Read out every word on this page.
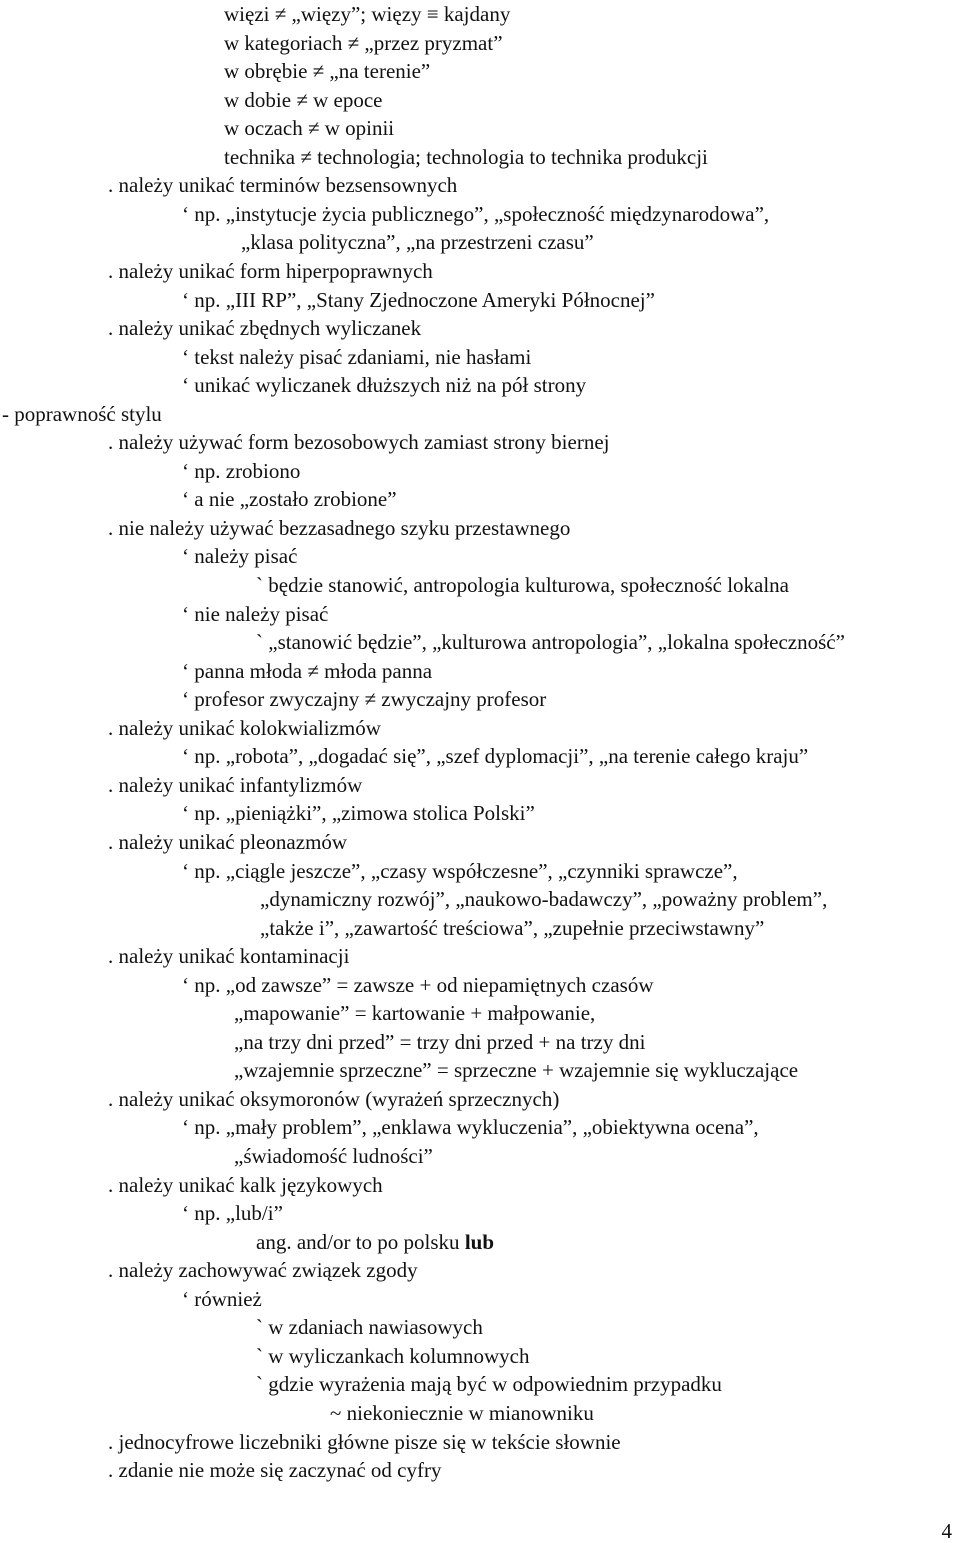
4
więzi ≠ „więzy”; więzy ≡ kajdany
w kategoriach ≠ „przez pryzmat”
w obrębie ≠ „na terenie”
w dobie ≠ w epoce
w oczach ≠ w opinii
technika ≠ technologia; technologia to technika produkcji
. należy unikać terminów bezsensownych
‘ np. „instytucje życia publicznego”, „społeczność międzynarodowa”,
„klasa polityczna”, „na przestrzeni czasu”
. należy unikać form hiperpoprawnych
‘ np. „III RP”, „Stany Zjednoczone Ameryki Północnej”
. należy unikać zbędnych wyliczanek
‘ tekst należy pisać zdaniami, nie hasłami
‘ unikać wyliczanek dłuższych niż na pół strony
- poprawność stylu
. należy używać form bezosobowych zamiast strony biernej
‘ np. zrobiono
‘ a nie „zostało zrobione”
. nie należy używać bezzasadnego szyku przestawnego
‘ należy pisać
` będzie stanowić, antropologia kulturowa, społeczność lokalna
‘ nie należy pisać
` „stanowić będzie”, „kulturowa antropologia”, „lokalna społeczność”
‘ panna młoda ≠ młoda panna
‘ profesor zwyczajny ≠ zwyczajny profesor
. należy unikać kolokwializmów
‘ np. „robota”, „dogadać się”, „szef dyplomacji”, „na terenie całego kraju”
. należy unikać infantylizmów
‘ np. „pieniążki”, „zimowa stolica Polski”
. należy unikać pleonazmów
‘ np. „ciągle jeszcze”, „czasy współczesne”, „czynniki sprawcze”,
„dynamiczny rozwój”, „naukowo-badawczy”, „poważny problem”,
„także i”, „zawartość treściowa”, „zupełnie przeciwstawny”
. należy unikać kontaminacji
‘ np. „od zawsze” = zawsze + od niepamiętnych czasów
„mapowanie” = kartowanie + małpowanie,
„na trzy dni przed” = trzy dni przed + na trzy dni
„wzajemnie sprzeczne” = sprzeczne + wzajemnie się wykluczające
. należy unikać oksymoronów (wyrażeń sprzecznych)
‘ np. „mały problem”, „enklawa wykluczenia”, „obiektywna ocena”,
„świadomość ludności”
. należy unikać kalk językowych
‘ np. „lub/i”
ang. and/or to po polsku lub
. należy zachowywać związek zgody
‘ również
` w zdaniach nawiasowych
` w wyliczankach kolumnowych
` gdzie wyrażenia mają być w odpowiednim przypadku
~ niekoniecznie w mianowniku
. jednocyfrowe liczebniki główne pisze się w tekście słownie
. zdanie nie może się zaczynać od cyfry
